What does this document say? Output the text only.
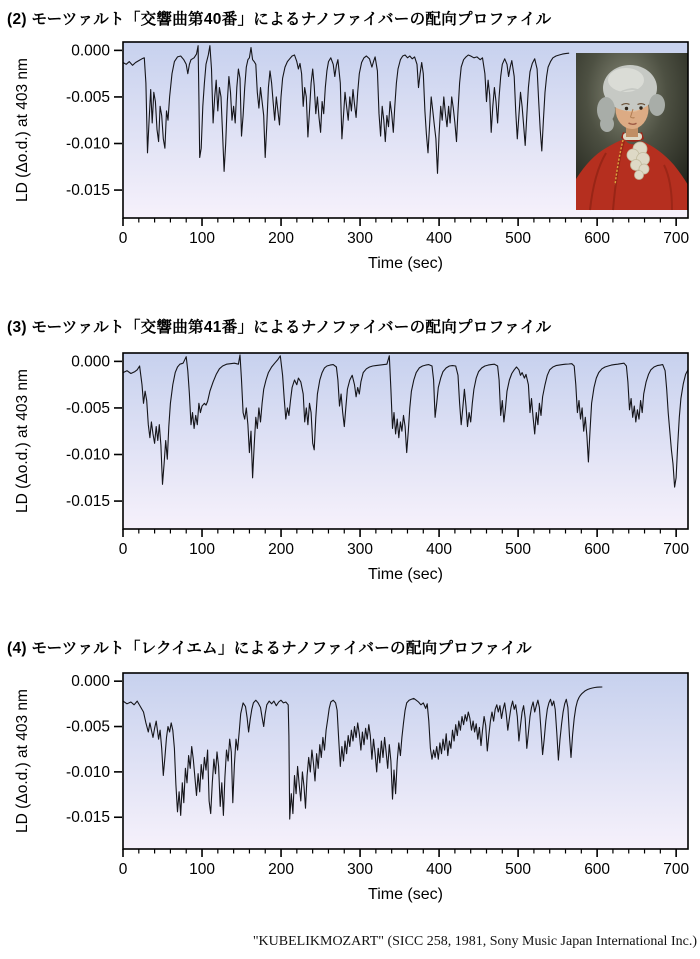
(2) モーツァルト「交響曲第40番」によるナノファイバーの配向プロファイル
0	100	200	300	400	500	600	700
0.000
-0.005
-0.010
-0.015
LD (Δo.d.) at 403 nm
Time (sec)
(3) モーツァルト「交響曲第41番」によるナノファイバーの配向プロファイル
0	100	200	300	400	500	600	700
0.000
-0.005
-0.010
-0.015
LD (Δo.d.) at 403 nm
Time (sec)
(4) モーツァルト「レクイエム」によるナノファイバーの配向プロファイル
0	100	200	300	400	500	600	700
0.000
-0.005
-0.010
-0.015
LD (Δo.d.) at 403 nm
Time (sec)
"KUBELIKMOZART" (SICC 258, 1981, Sony Music Japan International Inc.)
